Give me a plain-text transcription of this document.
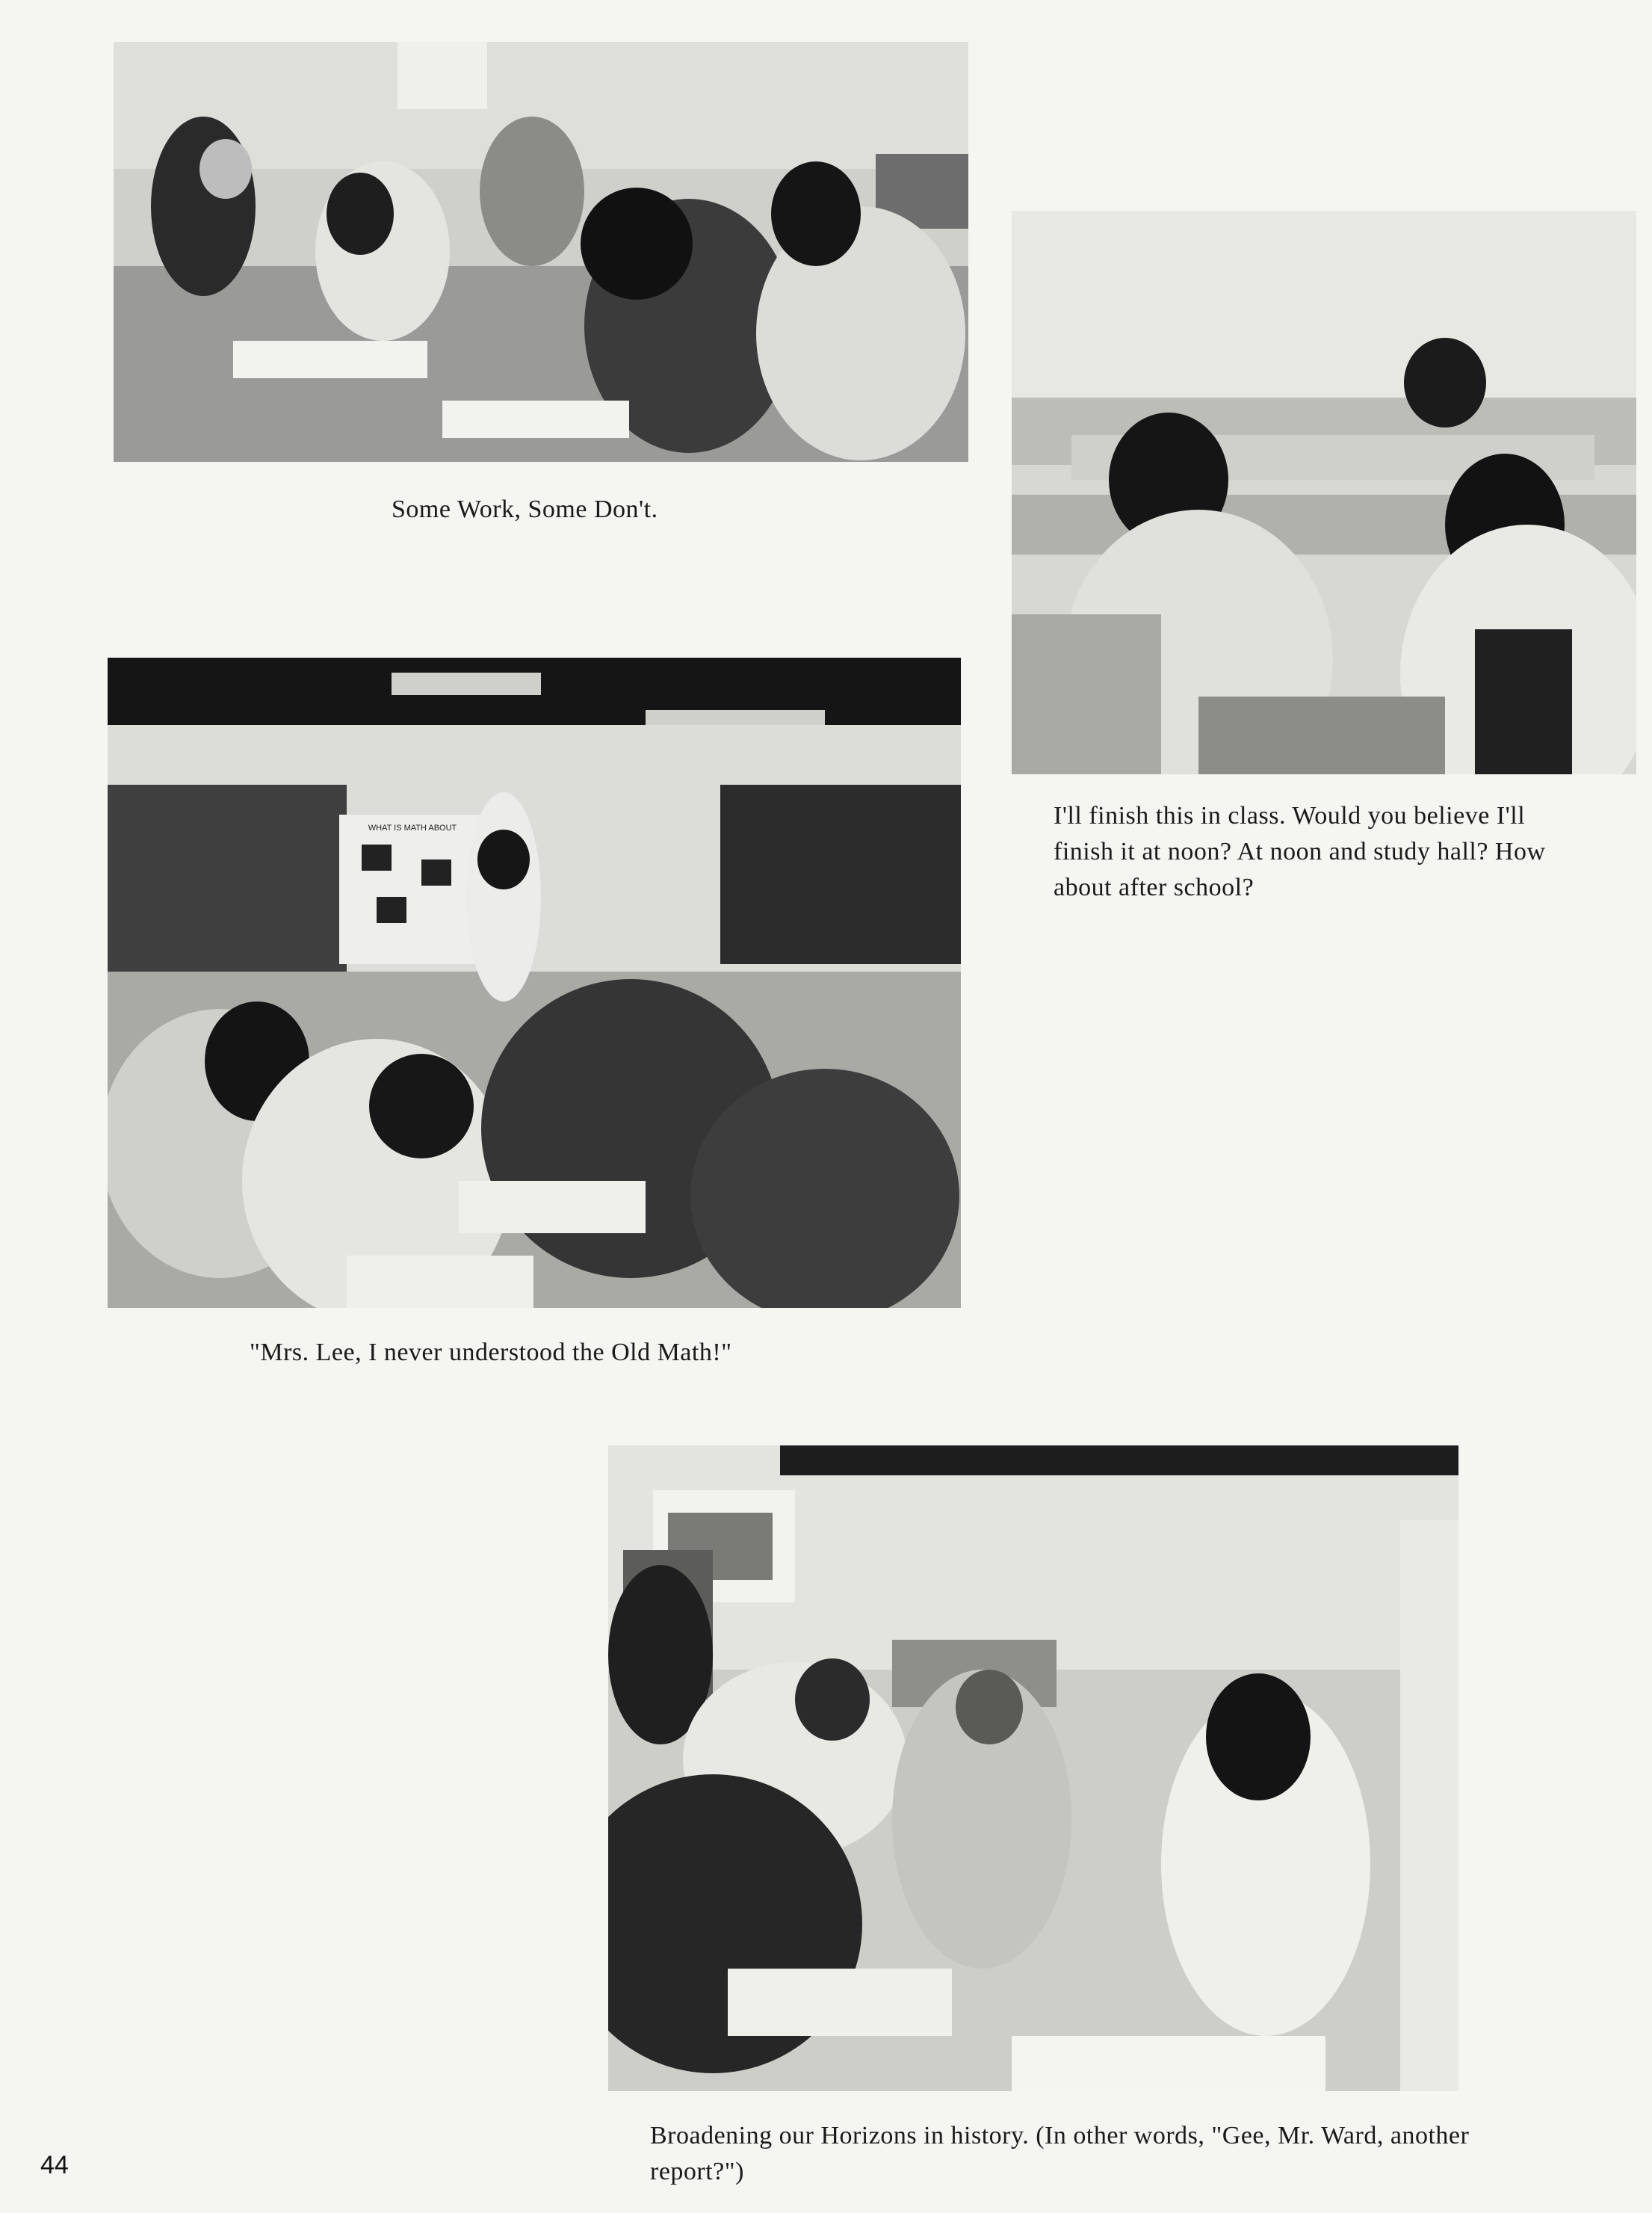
Some Work, Some Don't.
I'll finish this in class. Would you believe I'll finish it at noon? At noon and study hall? How about after school?
WHAT IS MATH ABOUT
"Mrs. Lee, I never understood the Old Math!"
Broadening our Horizons in history. (In other words, "Gee, Mr. Ward, another report?")
44
